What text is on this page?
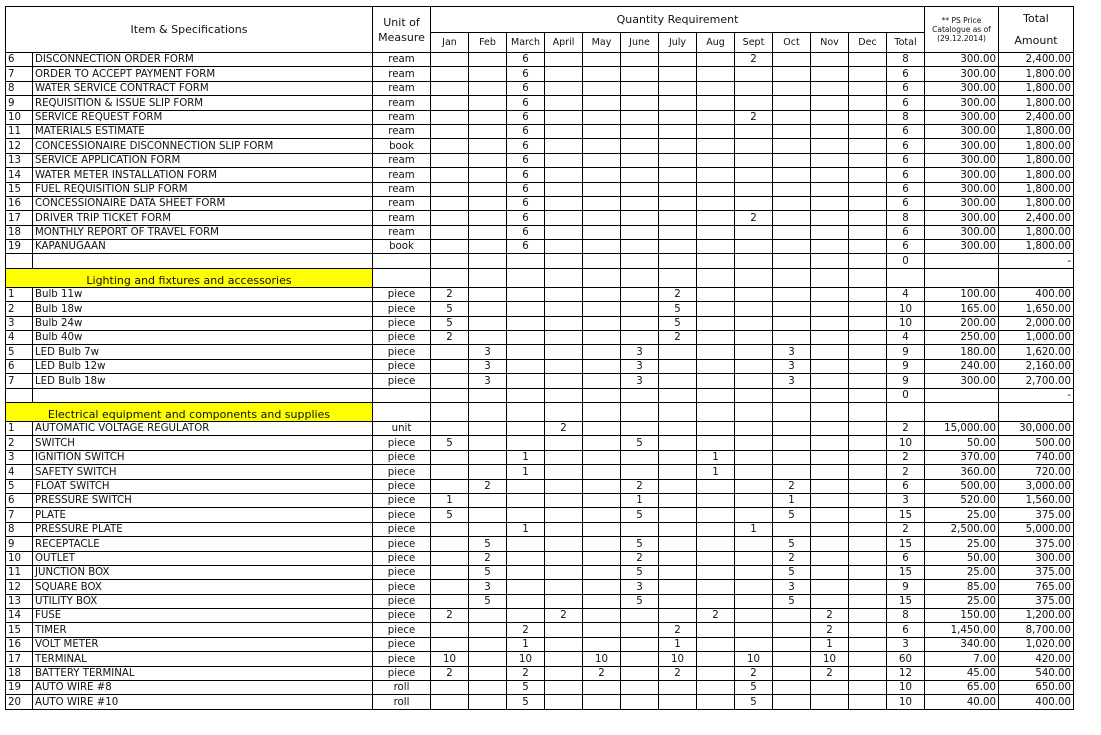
Item & Specifications		Unit of
Measure	Quantity Requirement													** PS Price
Catalogue as of
(29.12.2014)	Total
Amount
			Jan	Feb	March	April	May	June	July	Aug	Sept	Oct	Nov	Dec	Total		
6	DISCONNECTION ORDER FORM	ream			6						2				8	300.00	2,400.00
7	ORDER TO ACCEPT PAYMENT FORM	ream			6										6	300.00	1,800.00
8	WATER SERVICE CONTRACT FORM	ream			6										6	300.00	1,800.00
9	REQUISITION & ISSUE SLIP FORM	ream			6										6	300.00	1,800.00
10	SERVICE REQUEST FORM	ream			6						2				8	300.00	2,400.00
11	MATERIALS ESTIMATE	ream			6										6	300.00	1,800.00
12	CONCESSIONAIRE DISCONNECTION SLIP FORM	book			6										6	300.00	1,800.00
13	SERVICE APPLICATION FORM	ream			6										6	300.00	1,800.00
14	WATER METER INSTALLATION FORM	ream			6										6	300.00	1,800.00
15	FUEL REQUISITION SLIP FORM	ream			6										6	300.00	1,800.00
16	CONCESSIONAIRE DATA SHEET FORM	ream			6										6	300.00	1,800.00
17	DRIVER TRIP TICKET FORM	ream			6						2				8	300.00	2,400.00
18	MONTHLY REPORT OF TRAVEL FORM	ream			6										6	300.00	1,800.00
19	KAPANUGAAN	book			6										6	300.00	1,800.00
															0		-
Lighting and fixtures and accessories																	
1	Bulb 11w	piece	2						2						4	100.00	400.00
2	Bulb 18w	piece	5						5						10	165.00	1,650.00
3	Bulb 24w	piece	5						5						10	200.00	2,000.00
4	Bulb 40w	piece	2						2						4	250.00	1,000.00
5	LED Bulb 7w	piece		3				3				3			9	180.00	1,620.00
6	LED Bulb 12w	piece		3				3				3			9	240.00	2,160.00
7	LED Bulb 18w	piece		3				3				3			9	300.00	2,700.00
															0		-
Electrical equipment and components and supplies																	
1	AUTOMATIC VOLTAGE REGULATOR	unit				2									2	15,000.00	30,000.00
2	SWITCH	piece	5					5							10	50.00	500.00
3	IGNITION SWITCH	piece			1					1					2	370.00	740.00
4	SAFETY SWITCH	piece			1					1					2	360.00	720.00
5	FLOAT SWITCH	piece		2				2				2			6	500.00	3,000.00
6	PRESSURE SWITCH	piece	1					1				1			3	520.00	1,560.00
7	PLATE	piece	5					5				5			15	25.00	375.00
8	PRESSURE PLATE	piece			1						1				2	2,500.00	5,000.00
9	RECEPTACLE	piece		5				5				5			15	25.00	375.00
10	OUTLET	piece		2				2				2			6	50.00	300.00
11	JUNCTION BOX	piece		5				5				5			15	25.00	375.00
12	SQUARE BOX	piece		3				3				3			9	85.00	765.00
13	UTILITY BOX	piece		5				5				5			15	25.00	375.00
14	FUSE	piece	2			2				2			2		8	150.00	1,200.00
15	TIMER	piece			2				2				2		6	1,450.00	8,700.00
16	VOLT METER	piece			1				1				1		3	340.00	1,020.00
17	TERMINAL	piece	10		10		10		10		10		10		60	7.00	420.00
18	BATTERY TERMINAL	piece	2		2		2		2		2		2		12	45.00	540.00
19	AUTO WIRE #8	roll			5						5				10	65.00	650.00
20	AUTO WIRE #10	roll			5						5				10	40.00	400.00
